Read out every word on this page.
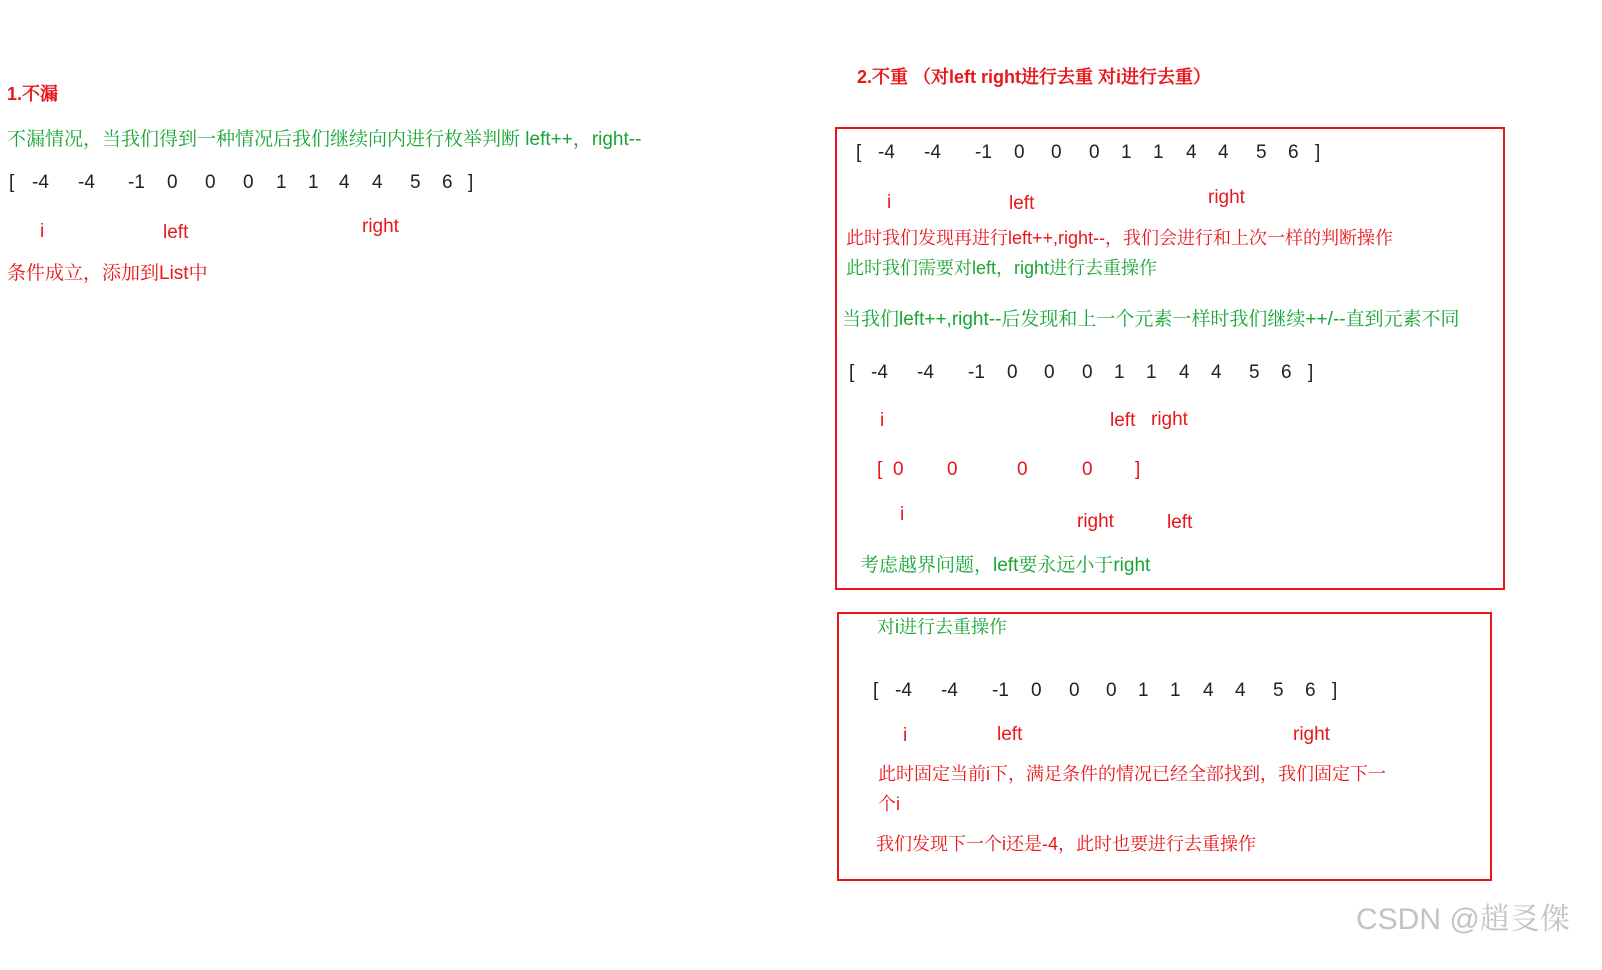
1.不漏
不漏情况，当我们得到一种情况后我们继续向内进行枚举判断 left++，right--
[ -4 -4 -1 0 0 0 1 1 4 4 5 6 ]
i	left	right
条件成立，添加到List中
2.不重 （对left right进行去重 对i进行去重）
[ -4 -4 -1 0 0 0 1 1 4 4 5 6 ]
i	left	right
此时我们发现再进行left++,right--，我们会进行和上次一样的判断操作
此时我们需要对left，right进行去重操作
当我们left++,right--后发现和上一个元素一样时我们继续++/--直到元素不同
[ -4 -4 -1 0 0 0 1 1 4 4 5 6 ]
i	left right
[ 0 0	0	0 ]
i	right	left
考虑越界问题，left要永远小于right
对i进行去重操作
[ -4 -4 -1 0 0 0 1 1 4 4 5 6 ]
i	left	right
此时固定当前i下，满足条件的情况已经全部找到，我们固定下一
个i
我们发现下一个i还是-4，此时也要进行去重操作
CSDN @趙㕛傑
